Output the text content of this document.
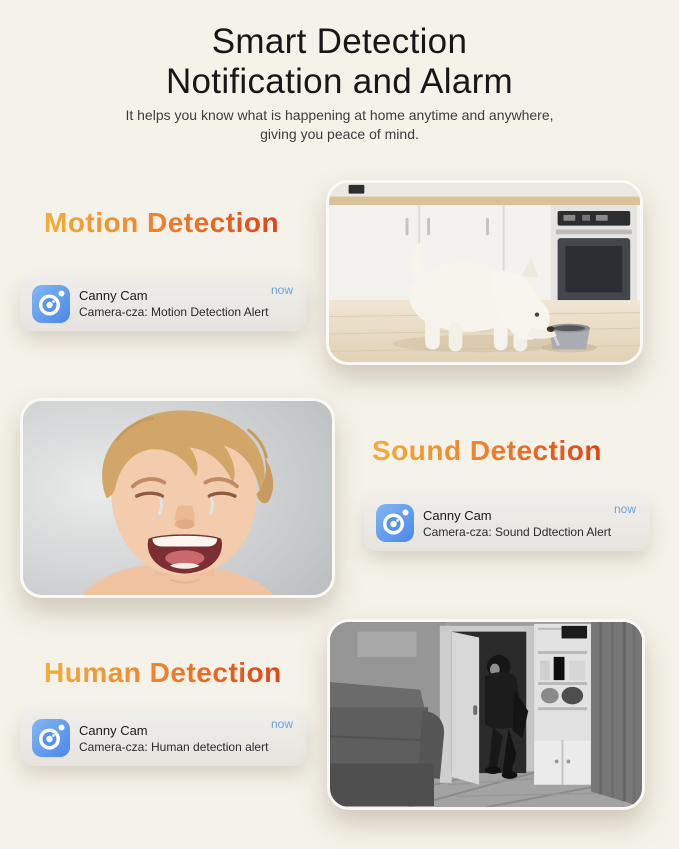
Smart Detection
Notification and Alarm

It helps you know what is happening at home anytime and anywhere,
giving you peace of mind.

Motion Detection
Canny Cam
Camera-cza: Motion Detection Alert
now
Sound Detection
Canny Cam
Camera-cza: Sound Ddtection Alert
now
Human Detection
Canny Cam
Camera-cza: Human detection alert
now
